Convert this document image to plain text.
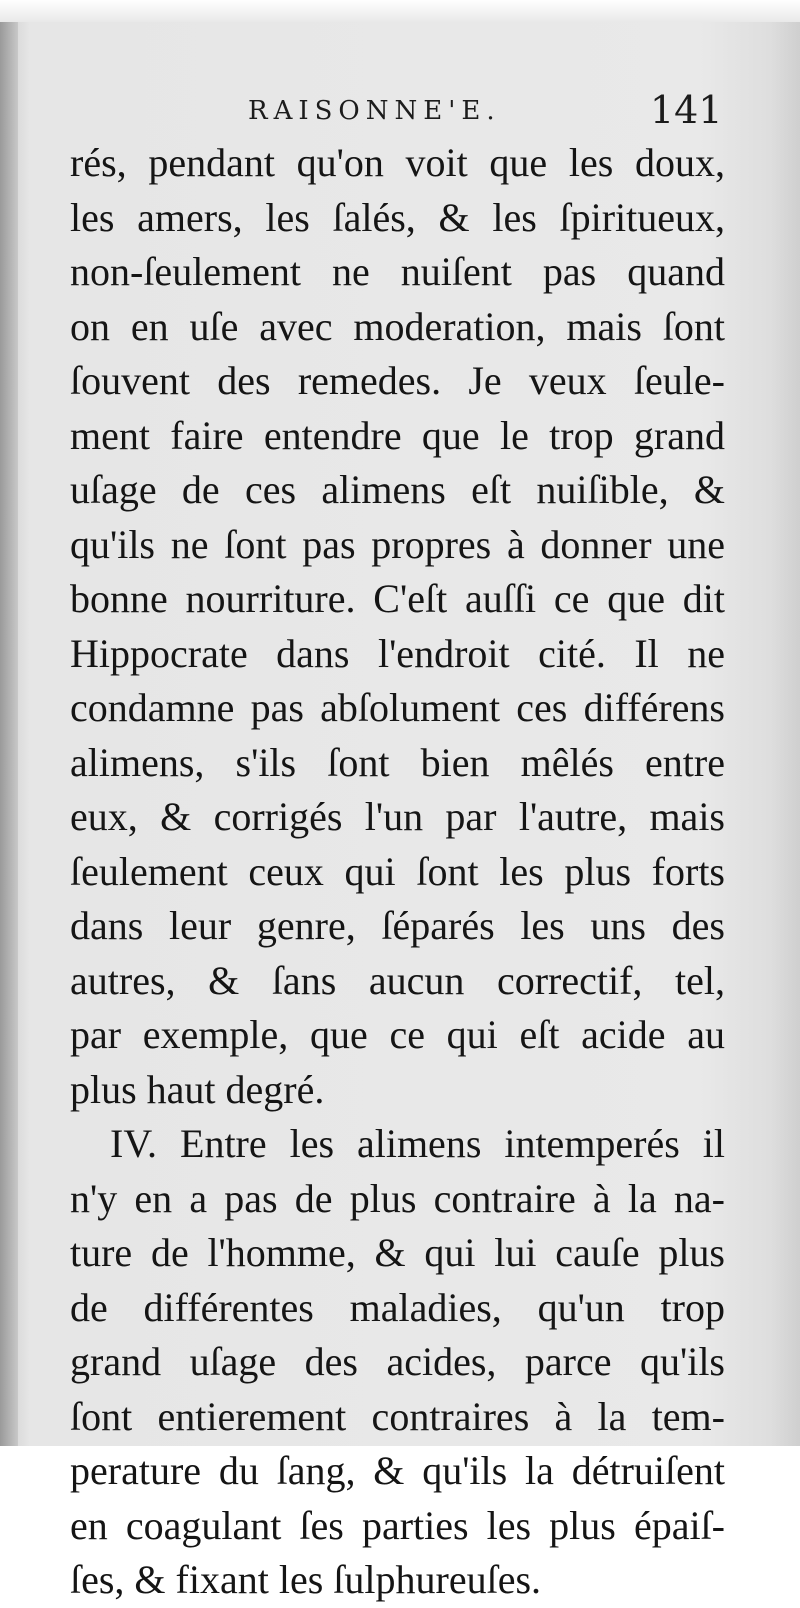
RAISONNE'E.	141
rés, pendant qu'on voit que les doux,
les amers, les ſalés, & les ſpiritueux,
non-ſeulement ne nuiſent pas quand
on en uſe avec moderation, mais ſont
ſouvent des remedes. Je veux ſeule-
ment faire entendre que le trop grand
uſage de ces alimens eſt nuiſible, &
qu'ils ne ſont pas propres à donner une
bonne nourriture. C'eſt auſſi ce que dit
Hippocrate dans l'endroit cité. Il ne
condamne pas abſolument ces différens
alimens, s'ils ſont bien mêlés entre
eux, & corrigés l'un par l'autre, mais
ſeulement ceux qui ſont les plus forts
dans leur genre, ſéparés les uns des
autres, & ſans aucun correctif, tel,
par exemple, que ce qui eſt acide au
plus haut degré.
IV. Entre les alimens intemperés il
n'y en a pas de plus contraire à la na-
ture de l'homme, & qui lui cauſe plus
de différentes maladies, qu'un trop
grand uſage des acides, parce qu'ils
ſont entierement contraires à la tem-
perature du ſang, & qu'ils la détruiſent
en coagulant ſes parties les plus épaiſ-
ſes, & fixant les ſulphureuſes.
